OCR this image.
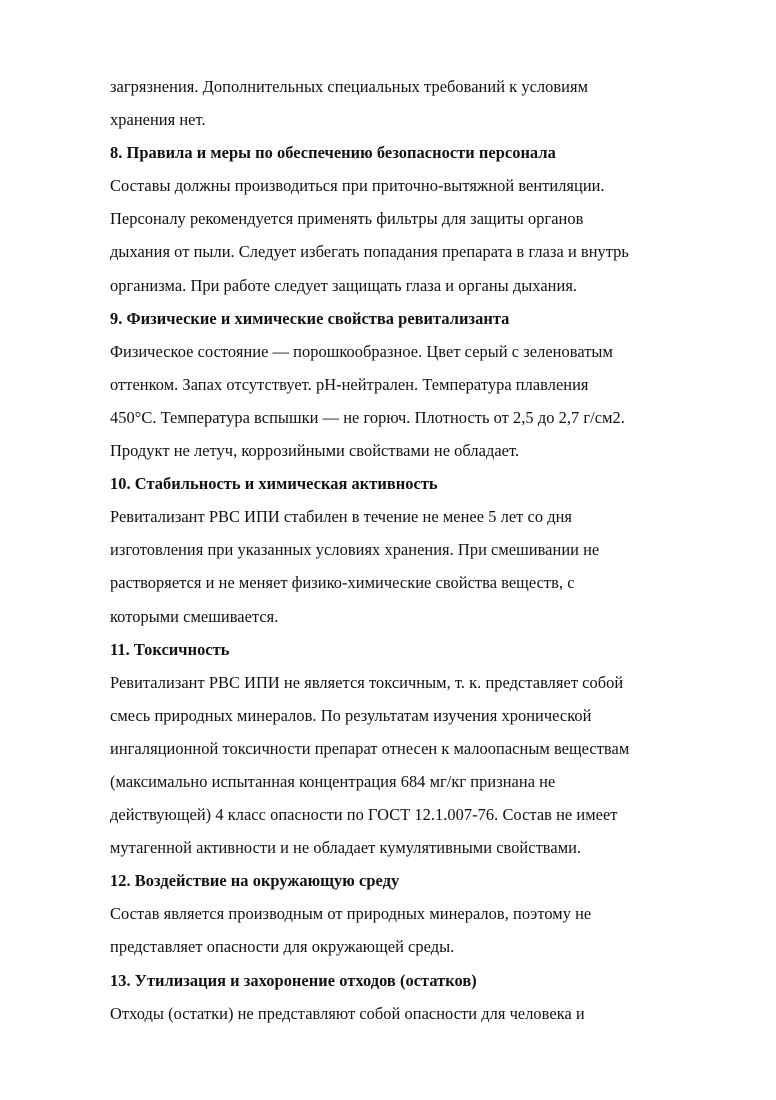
загрязнения. Дополнительных специальных требований к условиям
хранения нет.
8. Правила и меры по обеспечению безопасности персонала
Составы должны производиться при приточно-вытяжной вентиляции.
Персоналу рекомендуется применять фильтры для защиты органов
дыхания от пыли. Следует избегать попадания препарата в глаза и внутрь
организма. При работе следует защищать глаза и органы дыхания.
9. Физические и химические свойства ревитализанта
Физическое состояние — порошкообразное. Цвет серый с зеленоватым
оттенком. Запах отсутствует. pH-нейтрален. Температура плавления
450°C. Температура вспышки — не горюч. Плотность от 2,5 до 2,7 г/см2.
Продукт не летуч, коррозийными свойствами не обладает.
10. Стабильность и химическая активность
Ревитализант РВС ИПИ стабилен в течение не менее 5 лет со дня
изготовления при указанных условиях хранения. При смешивании не
растворяется и не меняет физико-химические свойства веществ, с
которыми смешивается.
11. Токсичность
Ревитализант РВС ИПИ не является токсичным, т. к. представляет собой
смесь природных минералов. По результатам изучения хронической
ингаляционной токсичности препарат отнесен к малоопасным веществам
(максимально испытанная концентрация 684 мг/кг признана не
действующей) 4 класс опасности по ГОСТ 12.1.007-76. Состав не имеет
мутагенной активности и не обладает кумулятивными свойствами.
12. Воздействие на окружающую среду
Состав является производным от природных минералов, поэтому не
представляет опасности для окружающей среды.
13. Утилизация и захоронение отходов (остатков)
Отходы (остатки) не представляют собой опасности для человека и
